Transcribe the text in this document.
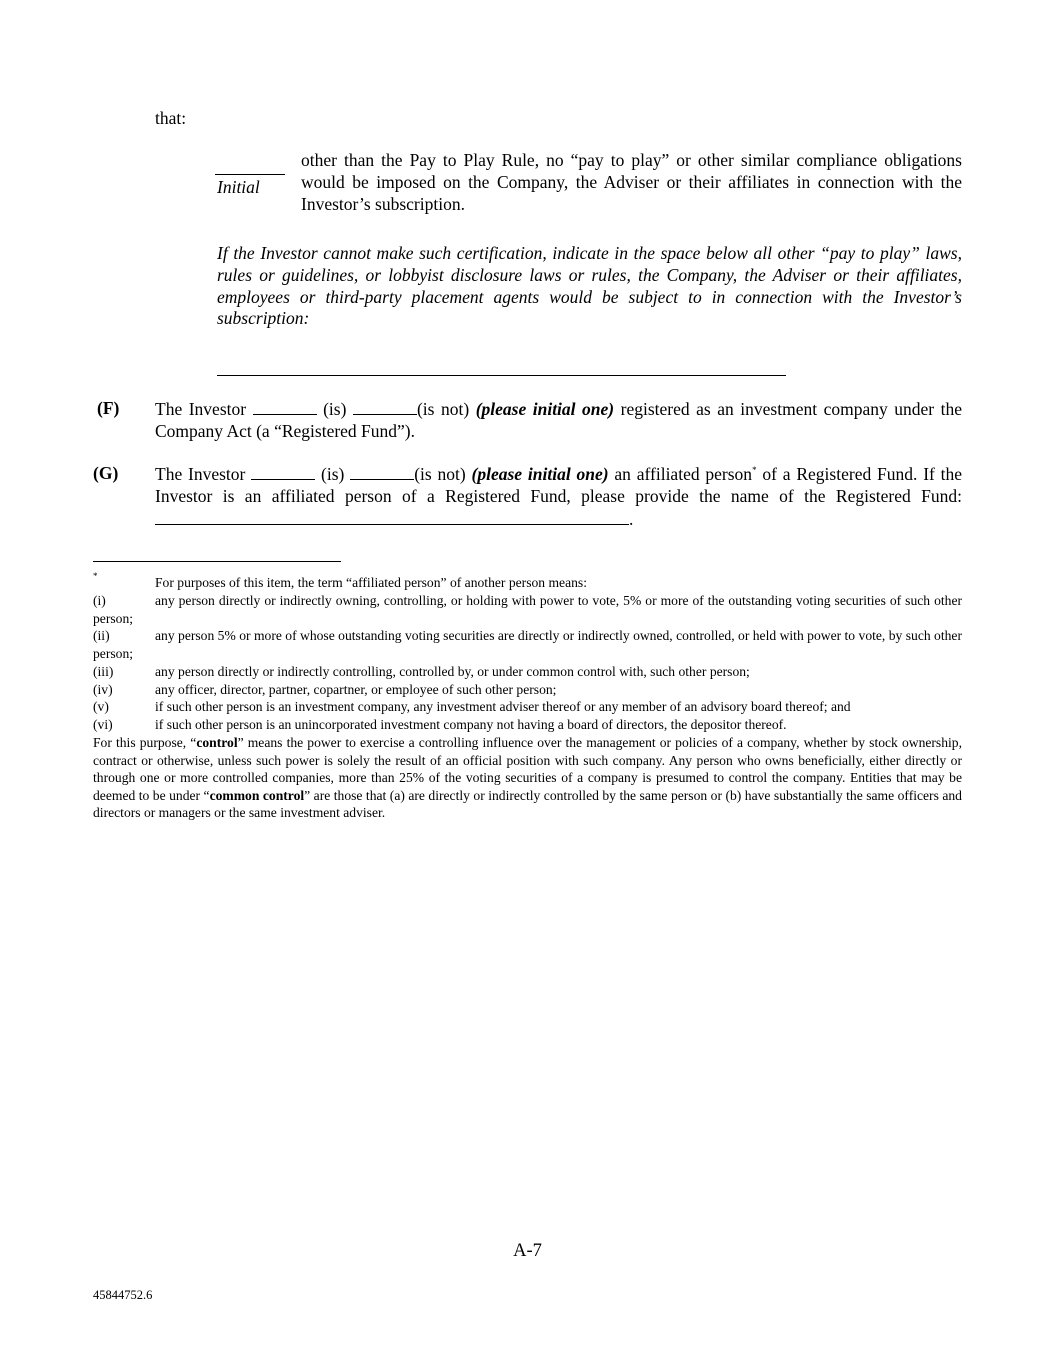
that:
Initial
other than the Pay to Play Rule, no “pay to play” or other similar compliance obligations would be imposed on the Company, the Adviser or their affiliates in connection with the Investor’s subscription.
If the Investor cannot make such certification, indicate in the space below all other “pay to play” laws, rules or guidelines, or lobbyist disclosure laws or rules, the Company, the Adviser or their affiliates, employees or third-party placement agents would be subject to in connection with the Investor’s subscription:
(F) The Investor	(is)	(is not) (please initial one) registered as an investment company under the Company Act (a “Registered Fund”).
(G) The Investor	(is)	(is not) (please initial one) an affiliated person* of a Registered Fund. If the Investor is an affiliated person of a Registered Fund, please provide the name of the Registered Fund: .
*	For purposes of this item, the term “affiliated person” of another person means:
(i)	any person directly or indirectly owning, controlling, or holding with power to vote, 5% or more of the outstanding voting securities of such other person;
(ii)	any person 5% or more of whose outstanding voting securities are directly or indirectly owned, controlled, or held with power to vote, by such other person;
(iii)	any person directly or indirectly controlling, controlled by, or under common control with, such other person;
(iv)	any officer, director, partner, copartner, or employee of such other person;
(v)	if such other person is an investment company, any investment adviser thereof or any member of an advisory board thereof; and
(vi)	if such other person is an unincorporated investment company not having a board of directors, the depositor thereof.
For this purpose, “control” means the power to exercise a controlling influence over the management or policies of a company, whether by stock ownership, contract or otherwise, unless such power is solely the result of an official position with such company. Any person who owns beneficially, either directly or through one or more controlled companies, more than 25% of the voting securities of a company is presumed to control the company. Entities that may be deemed to be under “common control” are those that (a) are directly or indirectly controlled by the same person or (b) have substantially the same officers and directors or managers or the same investment adviser.
A-7
45844752.6
